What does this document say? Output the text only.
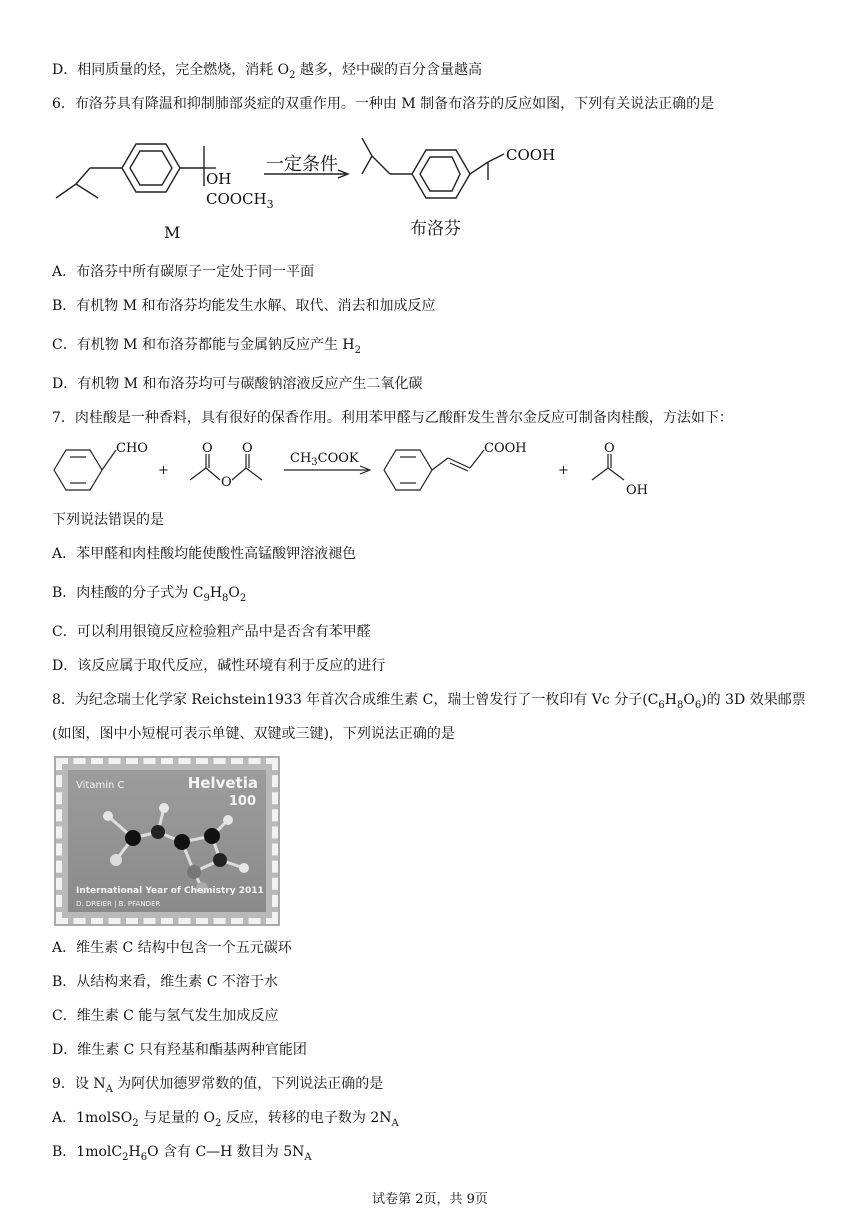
D．相同质量的烃，完全燃烧，消耗 $O_2$ 越多，烃中碳的百分含量越高
6．布洛芬具有降温和抑制肺部炎症的双重作用。一种由 M 制备布洛芬的反应如图，下列有关说法正确的是
OH
$COOCH_3$
一定条件	COOH
M	布洛芬
A．布洛芬中所有碳原子一定处于同一平面
B．有机物 M 和布洛芬均能发生水解、取代、消去和加成反应
C．有机物 M 和布洛芬都能与金属钠反应产生 $H_2$
D．有机物 M 和布洛芬均可与碳酸钠溶液反应产生二氧化碳
7．肉桂酸是一种香料，具有很好的保香作用。利用苯甲醛与乙酸酐发生普尔金反应可制备肉桂酸，方法如下：
CHO
+
O
O
O
$CH_3COOK$
COOH
+
O
OH
下列说法错误的是
A．苯甲醛和肉桂酸均能使酸性高锰酸钾溶液褪色
B．肉桂酸的分子式为 $C_9H_8O_2$
C．可以利用银镜反应检验粗产品中是否含有苯甲醛
D．该反应属于取代反应，碱性环境有利于反应的进行
8．为纪念瑞士化学家 Reichstein1933 年首次合成维生素 C，瑞士曾发行了一枚印有 Vc 分子$(C_6H_8O_6)$的 3D 效果邮票
(如图，图中小短棍可表示单键、双键或三键)，下列说法正确的是
Vitamin C	Helvetia
100
International Year of Chemistry 2011
D. DREIER | B. PFANDER
A．维生素 C 结构中包含一个五元碳环
B．从结构来看，维生素 C 不溶于水
C．维生素 C 能与氢气发生加成反应
D．维生素 C 只有羟基和酯基两种官能团
9．设 $N_A$ 为阿伏加德罗常数的值，下列说法正确的是
A．1molSO$_2$ 与足量的 $O_2$ 反应，转移的电子数为 $2N_A$
B．$1molC_2H_6O$ 含有 C—H 数目为 $5N_A$
试卷第 2页，共 9页
